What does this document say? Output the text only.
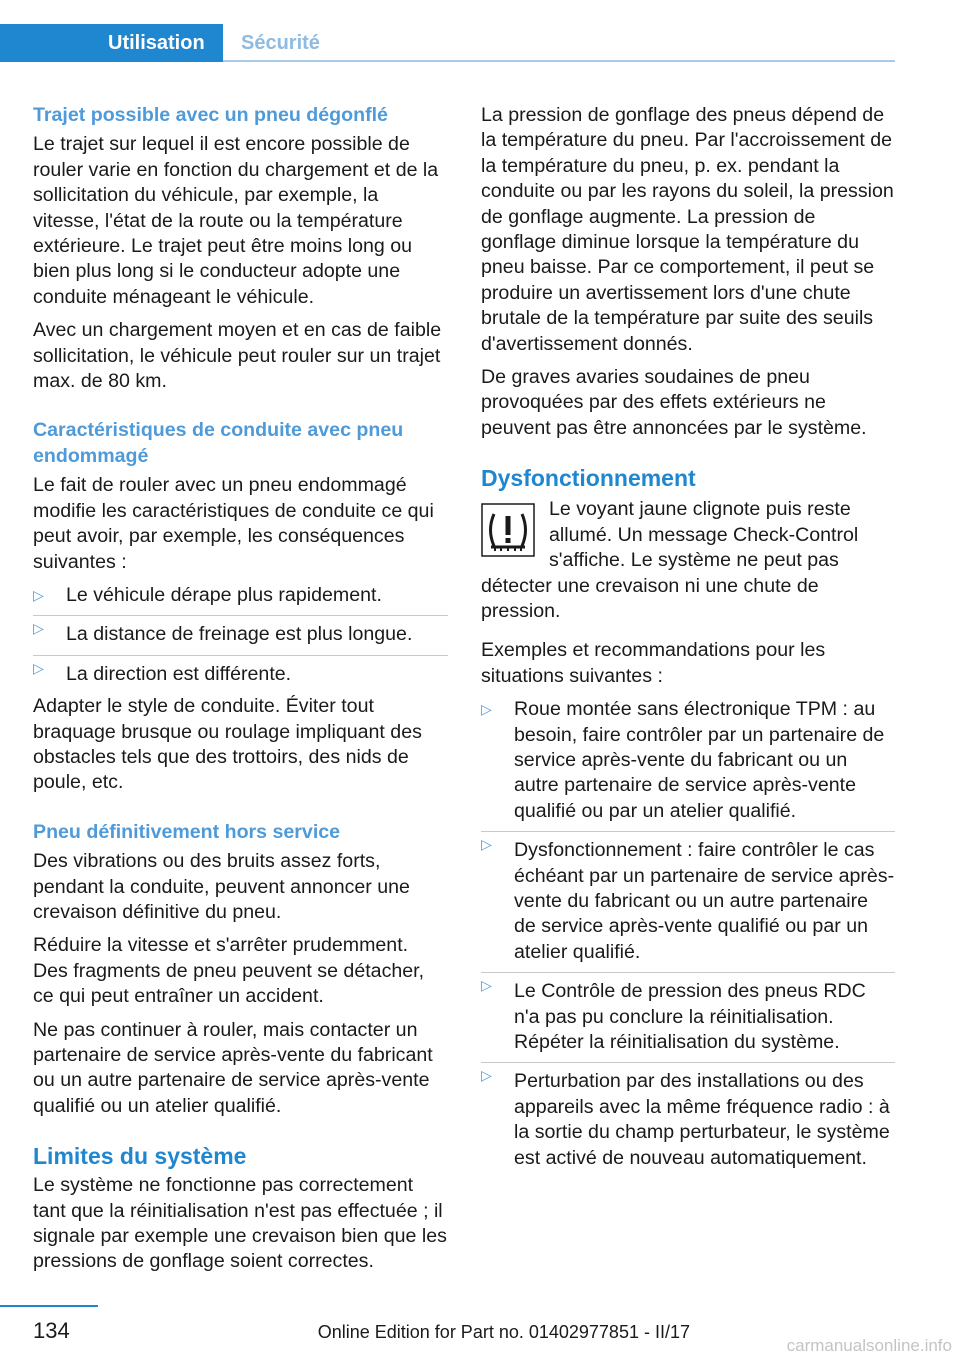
Utilisation	Sécurité
Trajet possible avec un pneu dégonflé

Le trajet sur lequel il est encore possible de rouler varie en fonction du chargement et de la sollicitation du véhicule, par exemple, la vitesse, l'état de la route ou la température extérieure. Le trajet peut être moins long ou bien plus long si le conducteur adopte une conduite ménageant le véhicule.

Avec un chargement moyen et en cas de faible sollicitation, le véhicule peut rouler sur un trajet max. de 80 km.

Caractéristiques de conduite avec pneu endommagé

Le fait de rouler avec un pneu endommagé modifie les caractéristiques de conduite ce qui peut avoir, par exemple, les conséquences suivantes :

▷ Le véhicule dérape plus rapidement.
▷ La distance de freinage est plus longue.
▷ La direction est différente.

Adapter le style de conduite. Éviter tout braquage brusque ou roulage impliquant des obstacles tels que des trottoirs, des nids de poule, etc.

Pneu définitivement hors service

Des vibrations ou des bruits assez forts, pendant la conduite, peuvent annoncer une crevaison définitive du pneu.

Réduire la vitesse et s'arrêter prudemment. Des fragments de pneu peuvent se détacher, ce qui peut entraîner un accident.

Ne pas continuer à rouler, mais contacter un partenaire de service après-vente du fabricant ou un autre partenaire de service après-vente qualifié ou un atelier qualifié.

Limites du système

Le système ne fonctionne pas correctement tant que la réinitialisation n'est pas effectuée ; il signale par exemple une crevaison bien que les pressions de gonflage soient correctes.

La pression de gonflage des pneus dépend de la température du pneu. Par l'accroissement de la température du pneu, p. ex. pendant la conduite ou par les rayons du soleil, la pression de gonflage augmente. La pression de gonflage diminue lorsque la température du pneu baisse. Par ce comportement, il peut se produire un avertissement lors d'une chute brutale de la température par suite des seuils d'avertissement donnés.

De graves avaries soudaines de pneu provoquées par des effets extérieurs ne peuvent pas être annoncées par le système.

Dysfonctionnement

Le voyant jaune clignote puis reste allumé. Un message Check-Control s'affiche. Le système ne peut pas détecter une crevaison ni une chute de pression.

Exemples et recommandations pour les situations suivantes :

▷ Roue montée sans électronique TPM : au besoin, faire contrôler par un partenaire de service après-vente du fabricant ou un autre partenaire de service après-vente qualifié ou par un atelier qualifié.
▷ Dysfonctionnement : faire contrôler le cas échéant par un partenaire de service après-vente du fabricant ou un autre partenaire de service après-vente qualifié ou par un atelier qualifié.
▷ Le Contrôle de pression des pneus RDC n'a pas pu conclure la réinitialisation. Répéter la réinitialisation du système.
▷ Perturbation par des installations ou des appareils avec la même fréquence radio : à la sortie du champ perturbateur, le système est activé de nouveau automatiquement.
134	Online Edition for Part no. 01402977851 - II/17
carmanualsonline.info
